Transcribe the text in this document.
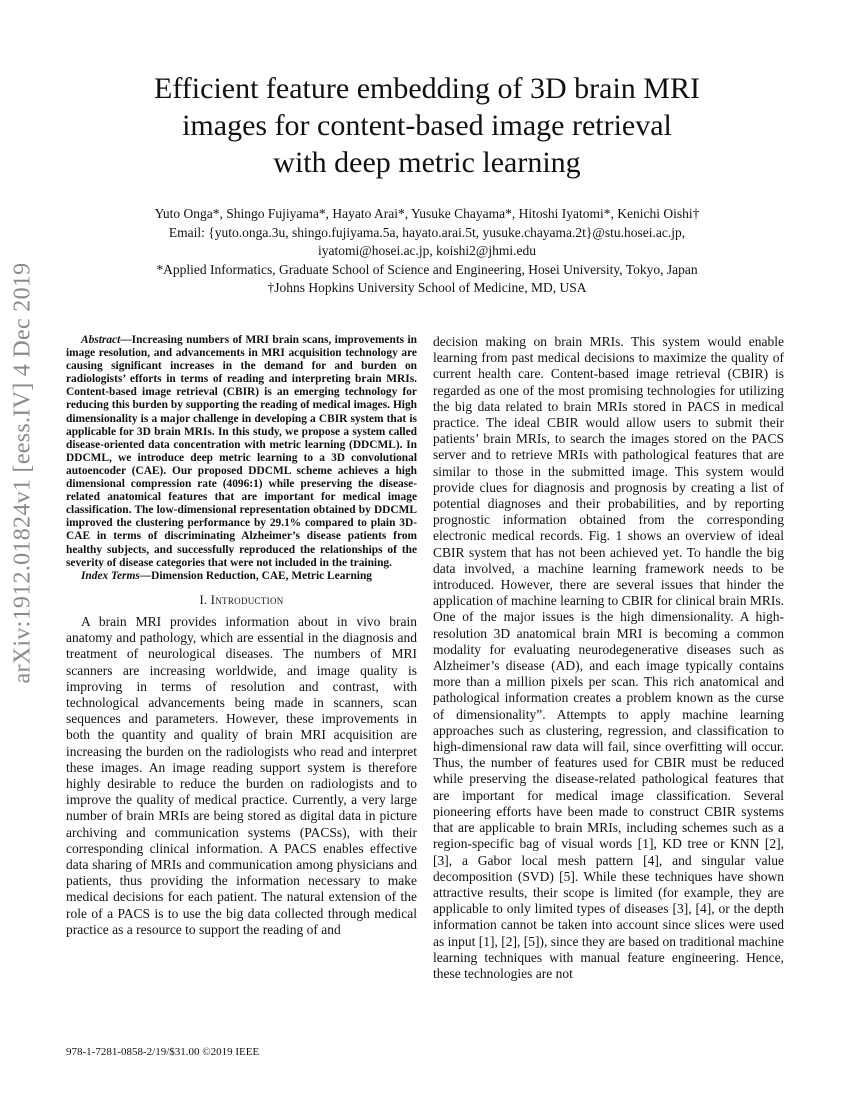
arXiv:1912.01824v1 [eess.IV] 4 Dec 2019
Efficient feature embedding of 3D brain MRI
images for content-based image retrieval
with deep metric learning
Yuto Onga*, Shingo Fujiyama*, Hayato Arai*, Yusuke Chayama*, Hitoshi Iyatomi*, Kenichi Oishi†
Email: {yuto.onga.3u, shingo.fujiyama.5a, hayato.arai.5t, yusuke.chayama.2t}@stu.hosei.ac.jp,
iyatomi@hosei.ac.jp, koishi2@jhmi.edu
*Applied Informatics, Graduate School of Science and Engineering, Hosei University, Tokyo, Japan
†Johns Hopkins University School of Medicine, MD, USA

Abstract—Increasing numbers of MRI brain scans, improvements in image resolution, and advancements in MRI acquisition technology are causing significant increases in the demand for and burden on radiologists’ efforts in terms of reading and interpreting brain MRIs. Content-based image retrieval (CBIR) is an emerging technology for reducing this burden by supporting the reading of medical images. High dimensionality is a major challenge in developing a CBIR system that is applicable for 3D brain MRIs. In this study, we propose a system called disease-oriented data concentration with metric learning (DDCML). In DDCML, we introduce deep metric learning to a 3D convolutional autoencoder (CAE). Our proposed DDCML scheme achieves a high dimensional compression rate (4096:1) while preserving the disease-related anatomical features that are important for medical image classification. The low-dimensional representation obtained by DDCML improved the clustering performance by 29.1% compared to plain 3D-CAE in terms of discriminating Alzheimer’s disease patients from healthy subjects, and successfully reproduced the relationships of the severity of disease categories that were not included in the training.

Index Terms—Dimension Reduction, CAE, Metric Learning

I. Introduction

A brain MRI provides information about in vivo brain anatomy and pathology, which are essential in the diagnosis and treatment of neurological diseases. The numbers of MRI scanners are increasing worldwide, and image quality is improving in terms of resolution and contrast, with technological advancements being made in scanners, scan sequences and parameters. However, these improvements in both the quantity and quality of brain MRI acquisition are increasing the burden on the radiologists who read and interpret these images. An image reading support system is therefore highly desirable to reduce the burden on radiologists and to improve the quality of medical practice. Currently, a very large number of brain MRIs are being stored as digital data in picture archiving and communication systems (PACSs), with their corresponding clinical information. A PACS enables effective data sharing of MRIs and communication among physicians and patients, thus providing the information necessary to make medical decisions for each patient. The natural extension of the role of a PACS is to use the big data collected through medical practice as a resource to support the reading of and

decision making on brain MRIs. This system would enable learning from past medical decisions to maximize the quality of current health care. Content-based image retrieval (CBIR) is regarded as one of the most promising technologies for utilizing the big data related to brain MRIs stored in PACS in medical practice. The ideal CBIR would allow users to submit their patients’ brain MRIs, to search the images stored on the PACS server and to retrieve MRIs with pathological features that are similar to those in the submitted image. This system would provide clues for diagnosis and prognosis by creating a list of potential diagnoses and their probabilities, and by reporting prognostic information obtained from the corresponding electronic medical records. Fig. 1 shows an overview of ideal CBIR system that has not been achieved yet. To handle the big data involved, a machine learning framework needs to be introduced. However, there are several issues that hinder the application of machine learning to CBIR for clinical brain MRIs. One of the major issues is the high dimensionality. A high-resolution 3D anatomical brain MRI is becoming a common modality for evaluating neurodegenerative diseases such as Alzheimer’s disease (AD), and each image typically contains more than a million pixels per scan. This rich anatomical and pathological information creates a problem known as the curse of dimensionality”. Attempts to apply machine learning approaches such as clustering, regression, and classification to high-dimensional raw data will fail, since overfitting will occur. Thus, the number of features used for CBIR must be reduced while preserving the disease-related pathological features that are important for medical image classification. Several pioneering efforts have been made to construct CBIR systems that are applicable to brain MRIs, including schemes such as a region-specific bag of visual words [1], KD tree or KNN [2], [3], a Gabor local mesh pattern [4], and singular value decomposition (SVD) [5]. While these techniques have shown attractive results, their scope is limited (for example, they are applicable to only limited types of diseases [3], [4], or the depth information cannot be taken into account since slices were used as input [1], [2], [5]), since they are based on traditional machine learning techniques with manual feature engineering. Hence, these technologies are not

978-1-7281-0858-2/19/$31.00 ©2019 IEEE
